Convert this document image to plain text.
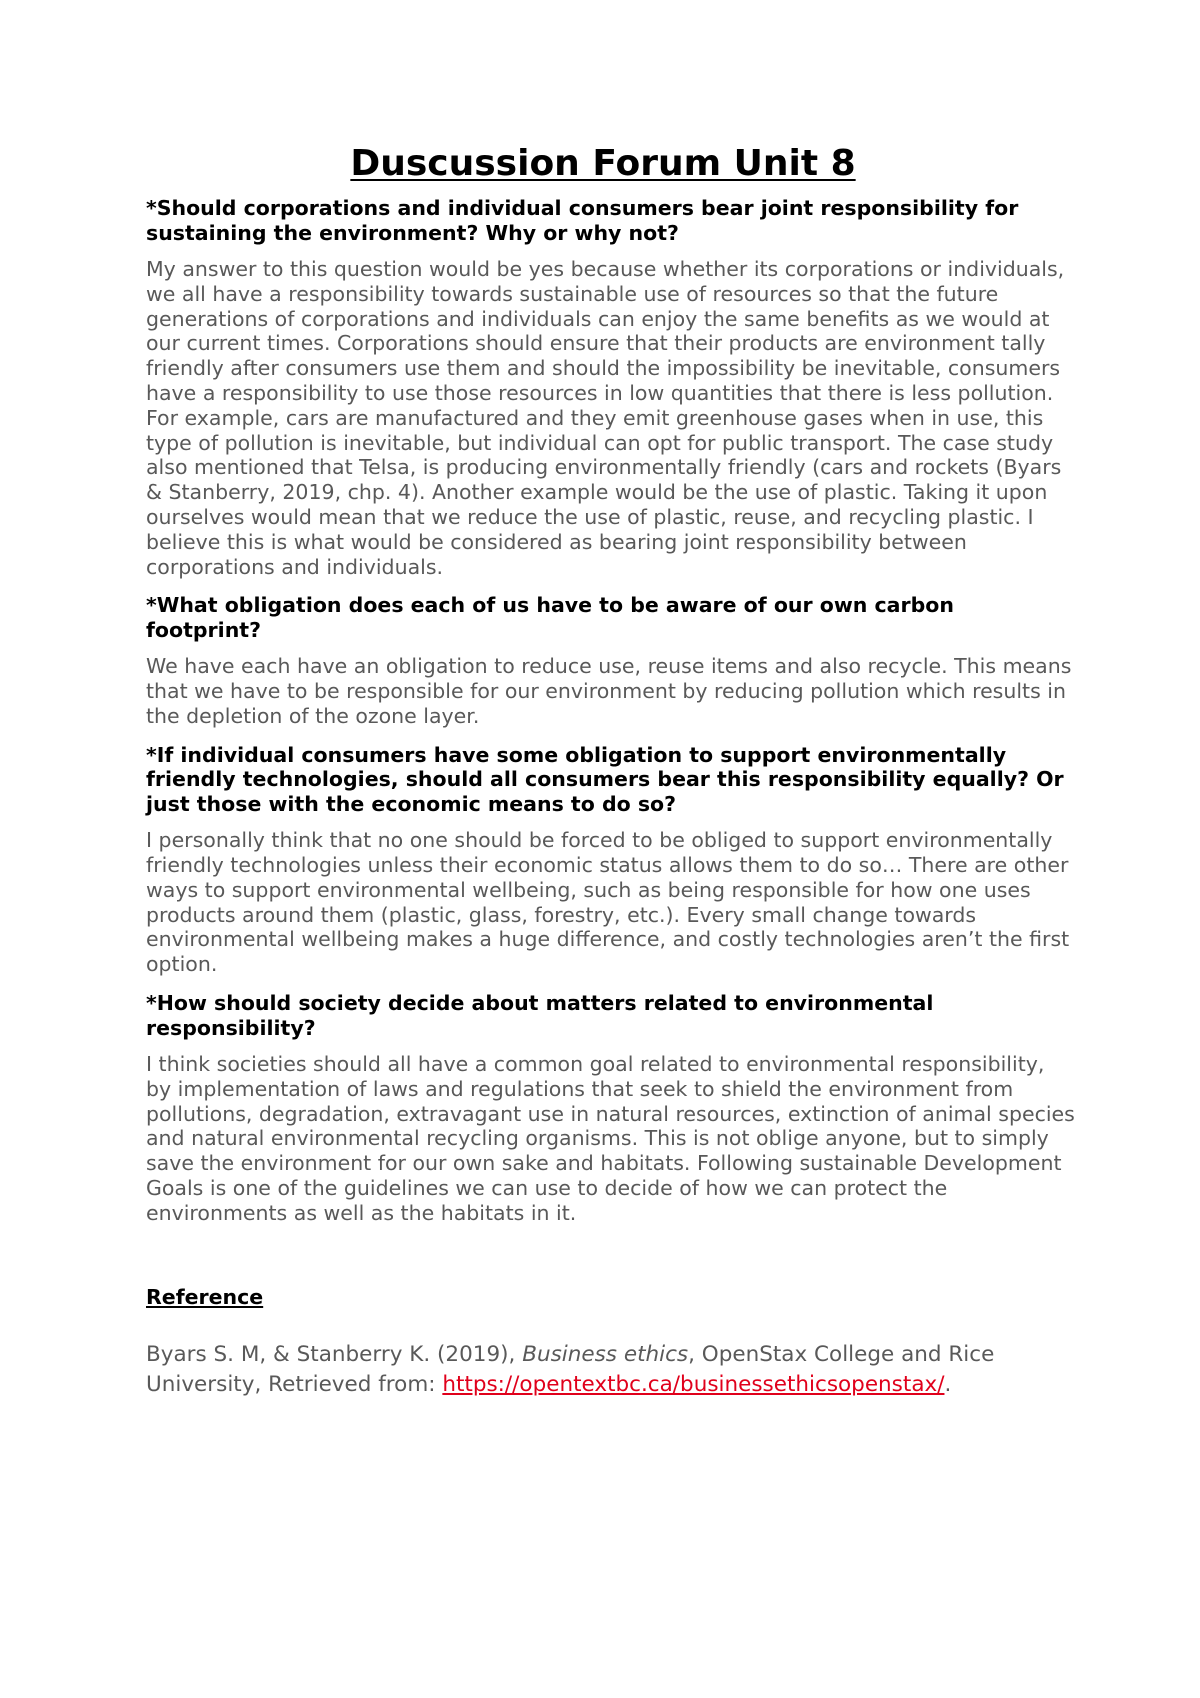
Duscussion Forum Unit 8

*Should corporations and individual consumers bear joint responsibility for sustaining the environment? Why or why not?

My answer to this question would be yes because whether its corporations or individuals, we all have a responsibility towards sustainable use of resources so that the future generations of corporations and individuals can enjoy the same benefits as we would at our current times. Corporations should ensure that their products are environment tally friendly after consumers use them and should the impossibility be inevitable, consumers have a responsibility to use those resources in low quantities that there is less pollution. For example, cars are manufactured and they emit greenhouse gases when in use, this type of pollution is inevitable, but individual can opt for public transport. The case study also mentioned that Telsa, is producing environmentally friendly (cars and rockets (Byars & Stanberry, 2019, chp. 4). Another example would be the use of plastic. Taking it upon ourselves would mean that we reduce the use of plastic, reuse, and recycling plastic. I believe this is what would be considered as bearing joint responsibility between corporations and individuals.

*What obligation does each of us have to be aware of our own carbon footprint?

We have each have an obligation to reduce use, reuse items and also recycle. This means that we have to be responsible for our environment by reducing pollution which results in the depletion of the ozone layer.

*If individual consumers have some obligation to support environmentally friendly technologies, should all consumers bear this responsibility equally? Or just those with the economic means to do so?

I personally think that no one should be forced to be obliged to support environmentally friendly technologies unless their economic status allows them to do so… There are other ways to support environmental wellbeing, such as being responsible for how one uses products around them (plastic, glass, forestry, etc.). Every small change towards environmental wellbeing makes a huge difference, and costly technologies aren’t the first option.

*How should society decide about matters related to environmental responsibility?

I think societies should all have a common goal related to environmental responsibility, by implementation of laws and regulations that seek to shield the environment from pollutions, degradation, extravagant use in natural resources, extinction of animal species and natural environmental recycling organisms. This is not oblige anyone, but to simply save the environment for our own sake and habitats. Following sustainable Development Goals is one of the guidelines we can use to decide of how we can protect the environments as well as the habitats in it.

Reference

Byars S. M, & Stanberry K. (2019), Business ethics, OpenStax College and Rice University, Retrieved from: https://opentextbc.ca/businessethicsopenstax/.
